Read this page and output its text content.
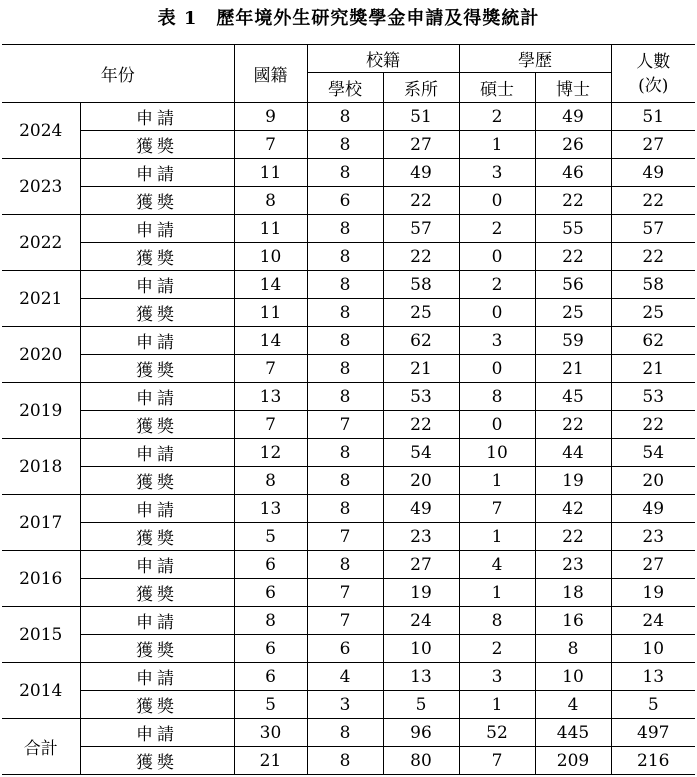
表 1　歷年境外生研究獎學金申請及得獎統計
年份		國籍	校籍		學歷		人數
(次)

			學校	系所	碩士	博士	
2024	申請	9	8	51	2	49	51
	獲獎	7	8	27	1	26	27
2023	申請	11	8	49	3	46	49
	獲獎	8	6	22	0	22	22
2022	申請	11	8	57	2	55	57
	獲獎	10	8	22	0	22	22
2021	申請	14	8	58	2	56	58
	獲獎	11	8	25	0	25	25
2020	申請	14	8	62	3	59	62
	獲獎	7	8	21	0	21	21
2019	申請	13	8	53	8	45	53
	獲獎	7	7	22	0	22	22
2018	申請	12	8	54	10	44	54
	獲獎	8	8	20	1	19	20
2017	申請	13	8	49	7	42	49
	獲獎	5	7	23	1	22	23
2016	申請	6	8	27	4	23	27
	獲獎	6	7	19	1	18	19
2015	申請	8	7	24	8	16	24
	獲獎	6	6	10	2	8	10
2014	申請	6	4	13	3	10	13
	獲獎	5	3	5	1	4	5
合計	申請	30	8	96	52	445	497
	獲獎	21	8	80	7	209	216
